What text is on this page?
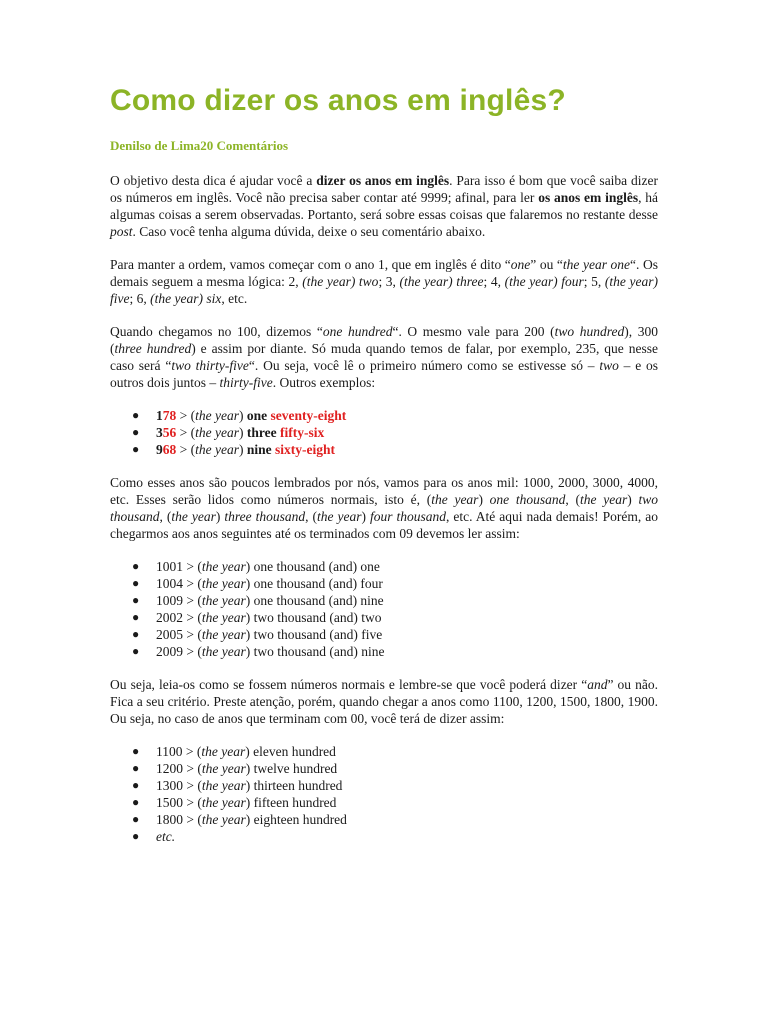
Como dizer os anos em inglês?

Denilso de Lima20 Comentários

O objetivo desta dica é ajudar você a dizer os anos em inglês. Para isso é bom que você saiba dizer os números em inglês. Você não precisa saber contar até 9999; afinal, para ler os anos em inglês, há algumas coisas a serem observadas. Portanto, será sobre essas coisas que falaremos no restante desse post. Caso você tenha alguma dúvida, deixe o seu comentário abaixo.

Para manter a ordem, vamos começar com o ano 1, que em inglês é dito “one” ou “the year one“. Os demais seguem a mesma lógica: 2, (the year) two; 3, (the year) three; 4, (the year) four; 5, (the year) five; 6, (the year) six, etc.

Quando chegamos no 100, dizemos “one hundred“. O mesmo vale para 200 (two hundred), 300 (three hundred) e assim por diante. Só muda quando temos de falar, por exemplo, 235, que nesse caso será “two thirty-five“. Ou seja, você lê o primeiro número como se estivesse só – two – e os outros dois juntos – thirty-five. Outros exemplos:

● 178 > (the year) one seventy-eight
● 356 > (the year) three fifty-six
● 968 > (the year) nine sixty-eight

Como esses anos são poucos lembrados por nós, vamos para os anos mil: 1000, 2000, 3000, 4000, etc. Esses serão lidos como números normais, isto é, (the year) one thousand, (the year) two thousand, (the year) three thousand, (the year) four thousand, etc. Até aqui nada demais! Porém, ao chegarmos aos anos seguintes até os terminados com 09 devemos ler assim:

● 1001 > (the year) one thousand (and) one
● 1004 > (the year) one thousand (and) four
● 1009 > (the year) one thousand (and) nine
● 2002 > (the year) two thousand (and) two
● 2005 > (the year) two thousand (and) five
● 2009 > (the year) two thousand (and) nine

Ou seja, leia-os como se fossem números normais e lembre-se que você poderá dizer “and” ou não. Fica a seu critério. Preste atenção, porém, quando chegar a anos como 1100, 1200, 1500, 1800, 1900. Ou seja, no caso de anos que terminam com 00, você terá de dizer assim:

● 1100 > (the year) eleven hundred
● 1200 > (the year) twelve hundred
● 1300 > (the year) thirteen hundred
● 1500 > (the year) fifteen hundred
● 1800 > (the year) eighteen hundred
● etc.
